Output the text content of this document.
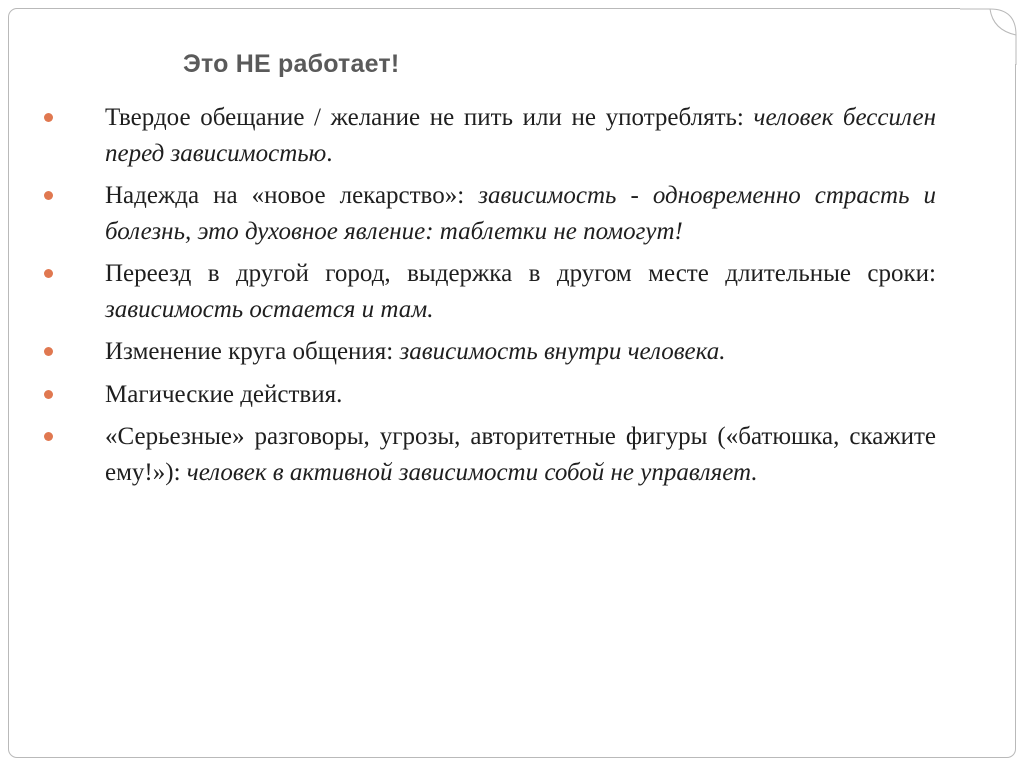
Это НЕ работает!
Твердое обещание / желание не пить или не употреблять: человек бессилен перед зависимостью.
Надежда на «новое лекарство»: зависимость - одновременно страсть и болезнь, это духовное явление: таблетки не помогут!
Переезд в другой город, выдержка в другом месте длительные сроки: зависимость остается и там.
Изменение круга общения: зависимость внутри человека.
Магические действия.
«Серьезные» разговоры, угрозы, авторитетные фигуры («батюшка, скажите ему!»): человек в активной зависимости собой не управляет.
